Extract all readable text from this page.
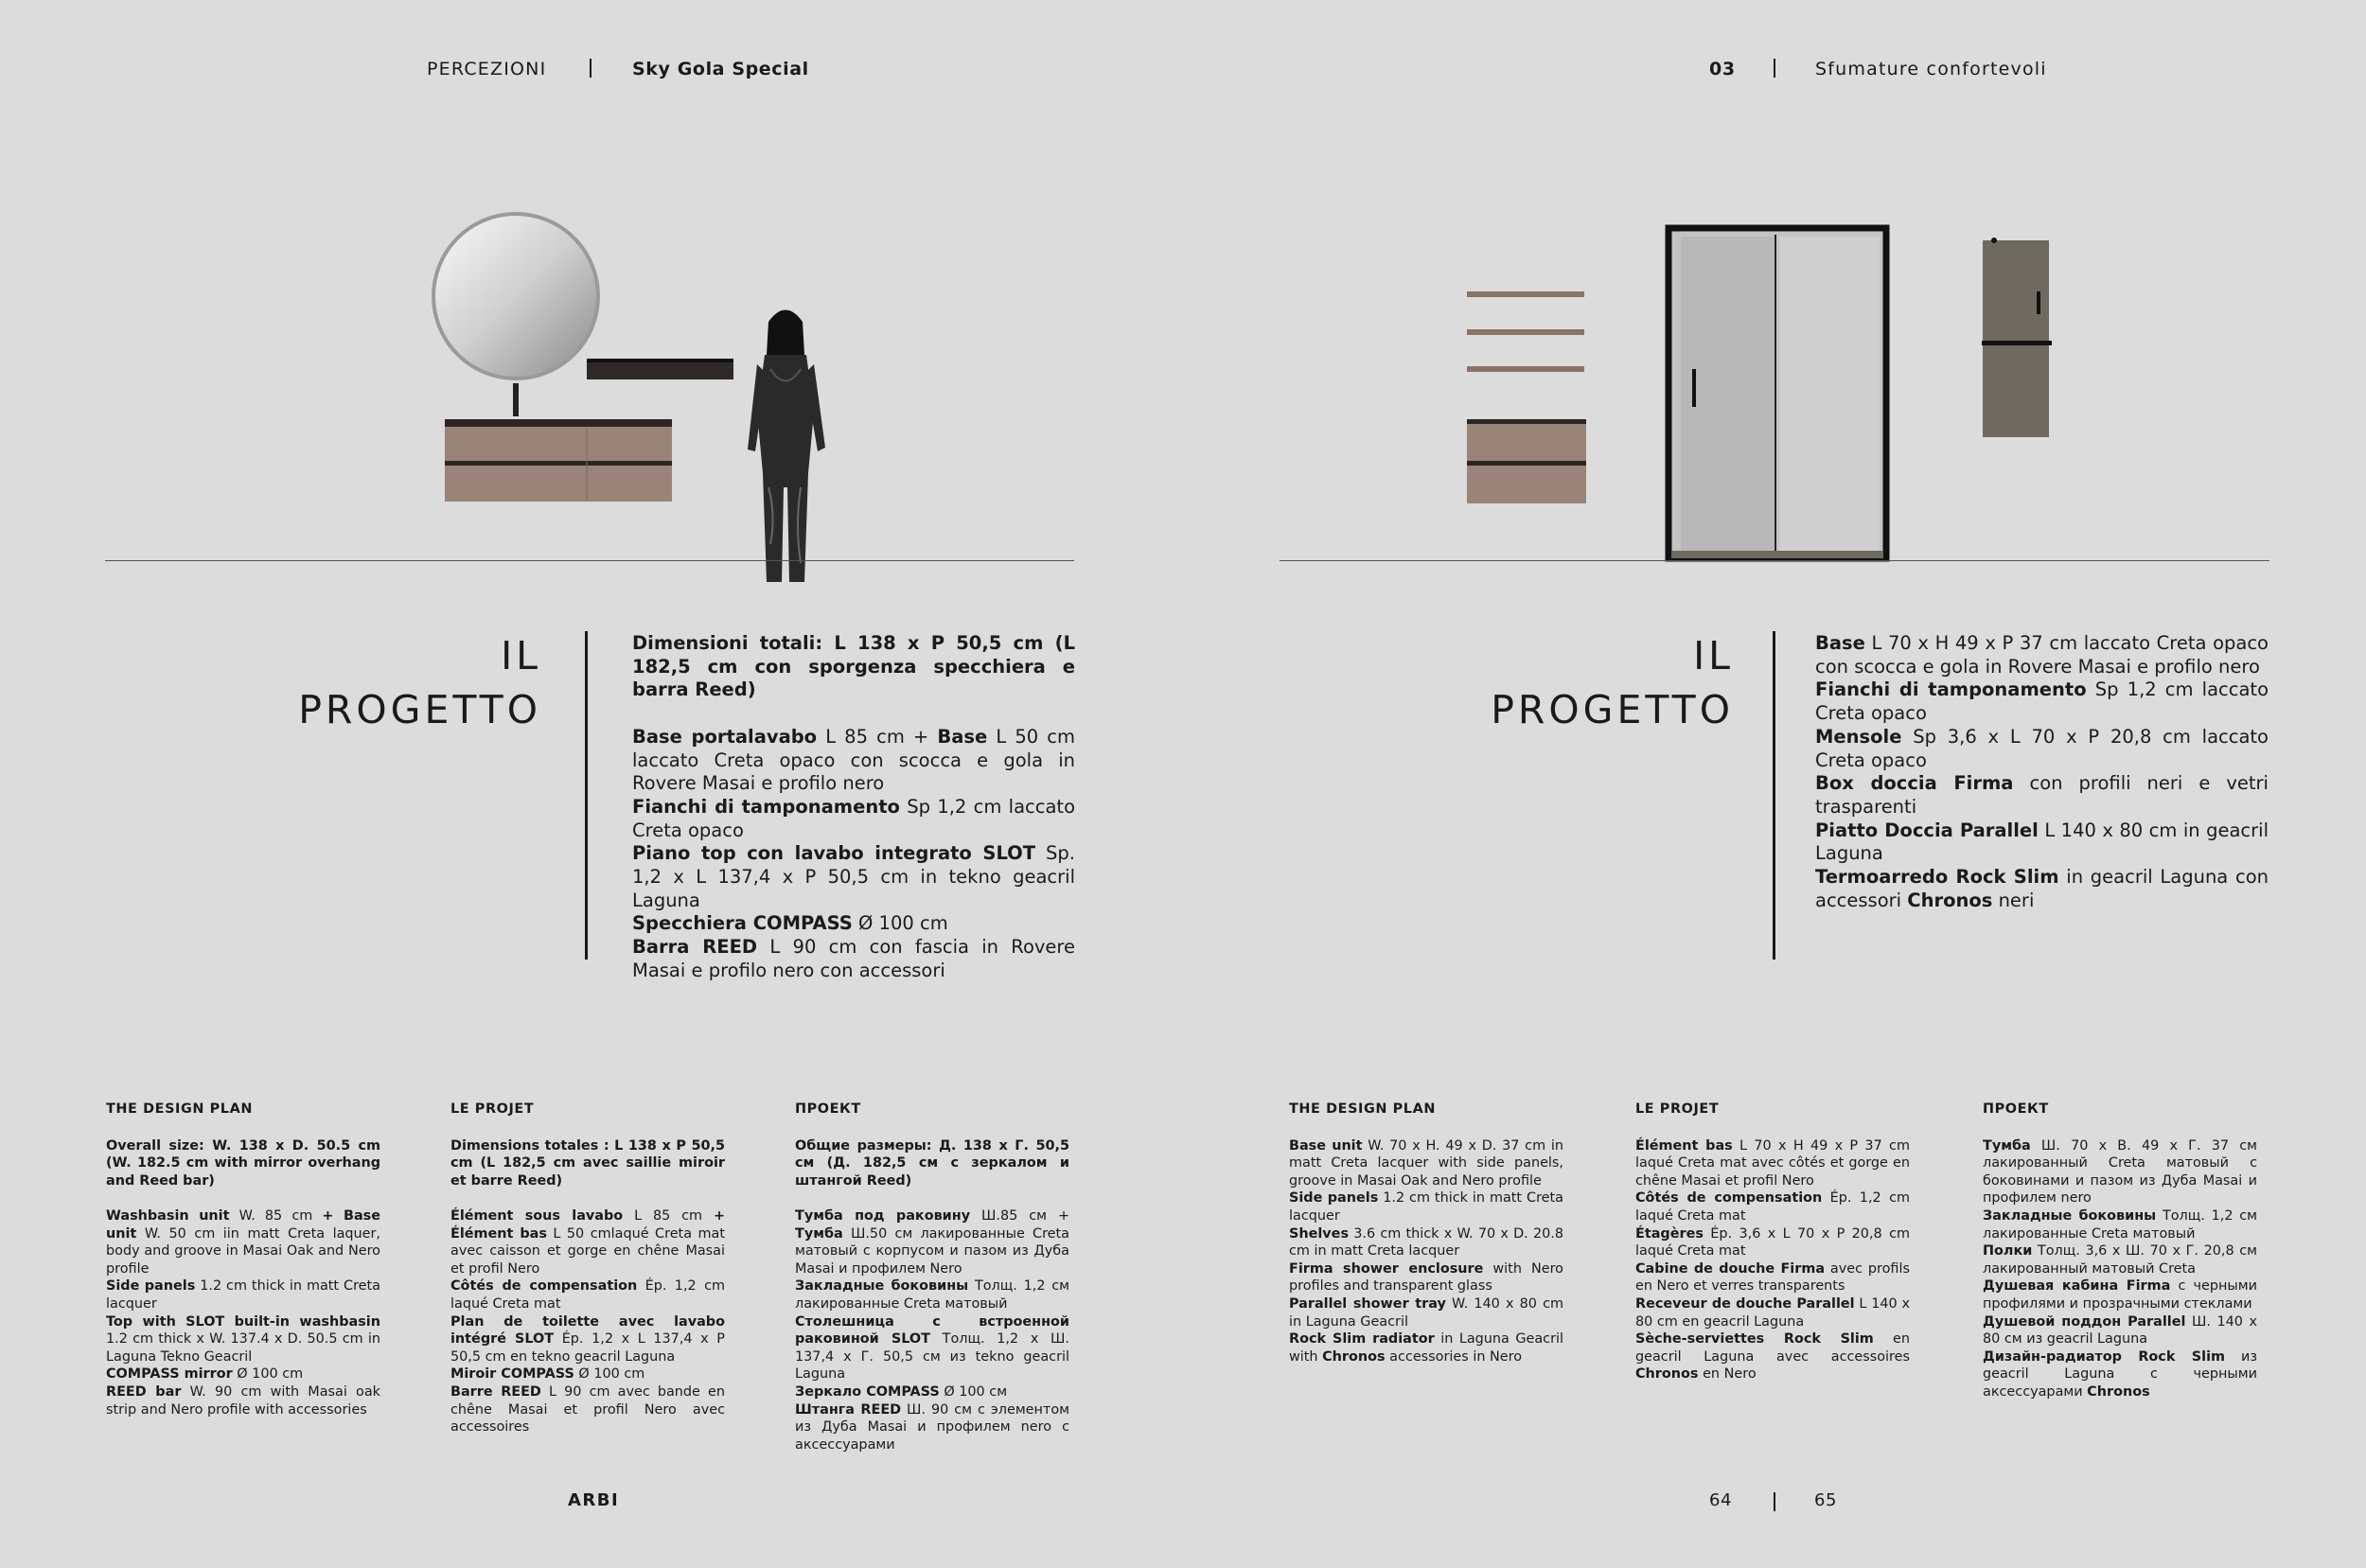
PERCEZIONI	Sky Gola Special	03	Sfumature confortevoli
IL
PROGETTO

Dimensioni totali: L 138 x P 50,5 cm (L 182,5 cm con sporgenza specchiera e barra Reed)

Base portalavabo L 85 cm + Base L 50 cm laccato Creta opaco con scocca e gola in Rovere Masai e profilo nero

Fianchi di tamponamento Sp 1,2 cm laccato Creta opaco

Piano top con lavabo integrato SLOT Sp. 1,2 x L 137,4 x P 50,5 cm in tekno geacril Laguna

Specchiera COMPASS Ø 100 cm

Barra REED L 90 cm con fascia in Rovere Masai e profilo nero con accessori

IL
PROGETTO

Base L 70 x H 49 x P 37 cm laccato Creta opaco con scocca e gola in Rovere Masai e profilo nero

Fianchi di tamponamento Sp 1,2 cm laccato Creta opaco

Mensole Sp 3,6 x L 70 x P 20,8 cm laccato Creta opaco

Box doccia Firma con profili neri e vetri trasparenti

Piatto Doccia Parallel L 140 x 80 cm in geacril Laguna

Termoarredo Rock Slim in geacril Laguna con accessori Chronos neri

THE DESIGN PLAN

Overall size: W. 138 x D. 50.5 cm (W. 182.5 cm with mirror overhang and Reed bar)

Washbasin unit W. 85 cm + Base unit W. 50 cm iin matt Creta laquer, body and groove in Masai Oak and Nero profile

Side panels 1.2 cm thick in matt Creta lacquer

Top with SLOT built-in washbasin 1.2 cm thick x W. 137.4 x D. 50.5 cm in Laguna Tekno Geacril

COMPASS mirror Ø 100 cm

REED bar W. 90 cm with Masai oak strip and Nero profile with accessories

LE PROJET

Dimensions totales : L 138 x P 50,5 cm (L 182,5 cm avec saillie miroir et barre Reed)

Élément sous lavabo L 85 cm + Élément bas L 50 cmlaqué Creta mat avec caisson et gorge en chêne Masai et profil Nero

Côtés de compensation Ép. 1,2 cm laqué Creta mat

Plan de toilette avec lavabo intégré SLOT Ép. 1,2 x L 137,4 x P 50,5 cm en tekno geacril Laguna

Miroir COMPASS Ø 100 cm

Barre REED L 90 cm avec bande en chêne Masai et profil Nero avec accessoires

ПРОЕКТ

Общие размеры: Д. 138 x Г. 50,5 см (Д. 182,5 см с зеркалом и штангой Reed)

Тумба под раковину Ш.85 см + Тумба Ш.50 см лакированные Creta матовый с корпусом и пазом из Дуба Masai и профилем Nero

Закладные боковины Толщ. 1,2 см лакированные Creta матовый

Столешница с встроенной раковиной SLOT Толщ. 1,2 x Ш. 137,4 x Г. 50,5 см из tekno geacril Laguna

Зеркало COMPASS Ø 100 см

Штанга REED Ш. 90 см с элементом из Дуба Masai и профилем nero с аксессуарами

THE DESIGN PLAN

Base unit W. 70 x H. 49 x D. 37 cm in matt Creta lacquer with side panels, groove in Masai Oak and Nero profile

Side panels 1.2 cm thick in matt Creta lacquer

Shelves 3.6 cm thick x W. 70 x D. 20.8 cm in matt Creta lacquer

Firma shower enclosure with Nero profiles and transparent glass

Parallel shower tray W. 140 x 80 cm in Laguna Geacril

Rock Slim radiator in Laguna Geacril with Chronos accessories in Nero

LE PROJET

Élément bas L 70 x H 49 x P 37 cm laqué Creta mat avec côtés et gorge en chêne Masai et profil Nero

Côtés de compensation Ép. 1,2 cm laqué Creta mat

Étagères Ép. 3,6 x L 70 x P 20,8 cm laqué Creta mat

Cabine de douche Firma avec profils en Nero et verres transparents

Receveur de douche Parallel L 140 x 80 cm en geacril Laguna

Sèche-serviettes Rock Slim en geacril Laguna avec accessoires Chronos en Nero

ПРОЕКТ

Тумба Ш. 70 x В. 49 x Г. 37 см лакированный Creta матовый с боковинами и пазом из Дуба Masai и профилем nero

Закладные боковины Толщ. 1,2 см лакированные Creta матовый

Полки Толщ. 3,6 x Ш. 70 x Г. 20,8 см лакированный матовый Creta

Душевая кабина Firma с черными профилями и прозрачными стеклами

Душевой поддон Parallel Ш. 140 x 80 см из geacril Laguna

Дизайн-радиатор Rock Slim из geacril Laguna с черными аксессуарами Chronos

ARBI	64	65
